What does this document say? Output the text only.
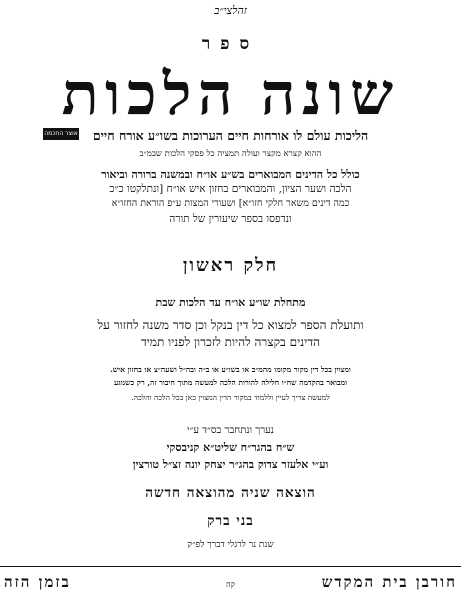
זהלצי״ב
ספר
שונה הלכות
אוצר החכמה	הליכות עולם לו אורחות חיים הערוכות בשו״ע אורח חיים
ההוא קצרא מקצר ועולה תמציה כל פסקי הלכות שבמ״ב
כולל כל הדינים המבוארים בש״ע או״ח ובמשנה ברורה וביאור
הלכה ושער הציון, והמבוארים בחזון איש או״ח [ונתלקטו כ״כ
כמה דינים משאר חלקי חזו״א] ושעורי המצות ע״פ הוראת החזו״א
ונדפסו בספר שיעורין של תורה
חלק ראשון
מתחלת שו״ע או״ח עד הלכות שבת
ותועלת הספר למצוא כל דין בנקל וכן סדר משנה לחזור על
הדינים בקצרה להיות לזכרון לפניו תמיד
ומצוין בכל דין מקור מקומו מהמ״ב או בשו״ע או ב״ה ובה״ל ושעה״צ או בחזון איש.
ומבואר בהקדמה שח״ו חלילה להורות הלכה למעשה מתוך חיבור זה, רק כשנוגע
למעשה צריך לעיין וללמוד במקור הדין המצוין כאן בכל הלכה והלכה.
נערך ונתחבר בס״ד ע״י
ש״ח בהגר״ח שליט״א קניבסקי
וע״י אלעזר צדוק בהג״ר יצחק יונה זצ״ל טורצין
הוצאה שניה מהוצאה חדשה
בני ברק
שנת נר לרגלי דברך לפ״ק
חורבן בית המקדש
קה
בזמן הזה
